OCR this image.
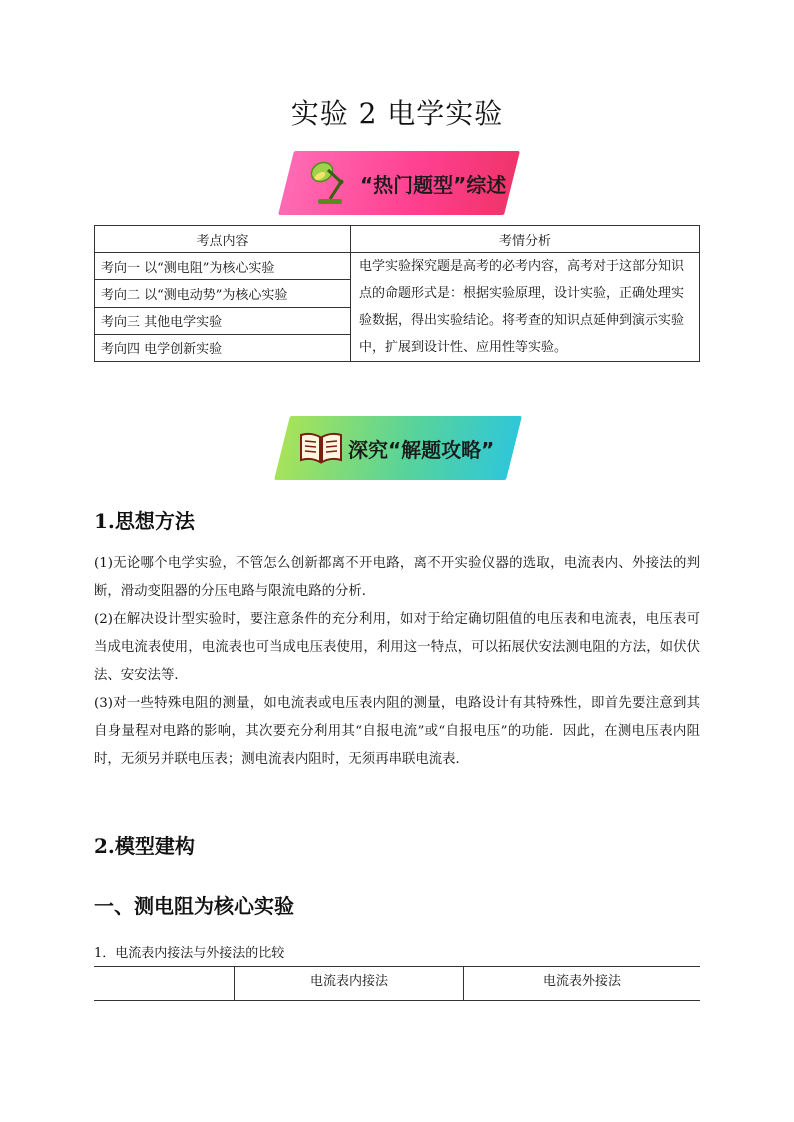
实验 2 电学实验
“热门题型”综述
考点内容	考情分析
考向一 以“测电阻”为核心实验	电学实验探究题是高考的必考内容，高考对于这部分知识点的命题形式是：根据实验原理，设计实验，正确处理实验数据，得出实验结论。将考查的知识点延伸到演示实验中，扩展到设计性、应用性等实验。
考向二 以“测电动势”为核心实验	
考向三 其他电学实验	
考向四 电学创新实验	
深究“解题攻略”
1.思想方法

(1)无论哪个电学实验，不管怎么创新都离不开电路，离不开实验仪器的选取，电流表内、外接法的判断，滑动变阻器的分压电路与限流电路的分析．

(2)在解决设计型实验时，要注意条件的充分利用，如对于给定确切阻值的电压表和电流表，电压表可当成电流表使用，电流表也可当成电压表使用，利用这一特点，可以拓展伏安法测电阻的方法，如伏伏法、安安法等．

(3)对一些特殊电阻的测量，如电流表或电压表内阻的测量，电路设计有其特殊性，即首先要注意到其自身量程对电路的影响，其次要充分利用其“自报电流”或“自报电压”的功能．因此，在测电压表内阻时，无须另并联电压表；测电流表内阻时，无须再串联电流表．

2.模型建构
一、测电阻为核心实验
1．电流表内接法与外接法的比较
	电流表内接法	电流表外接法
